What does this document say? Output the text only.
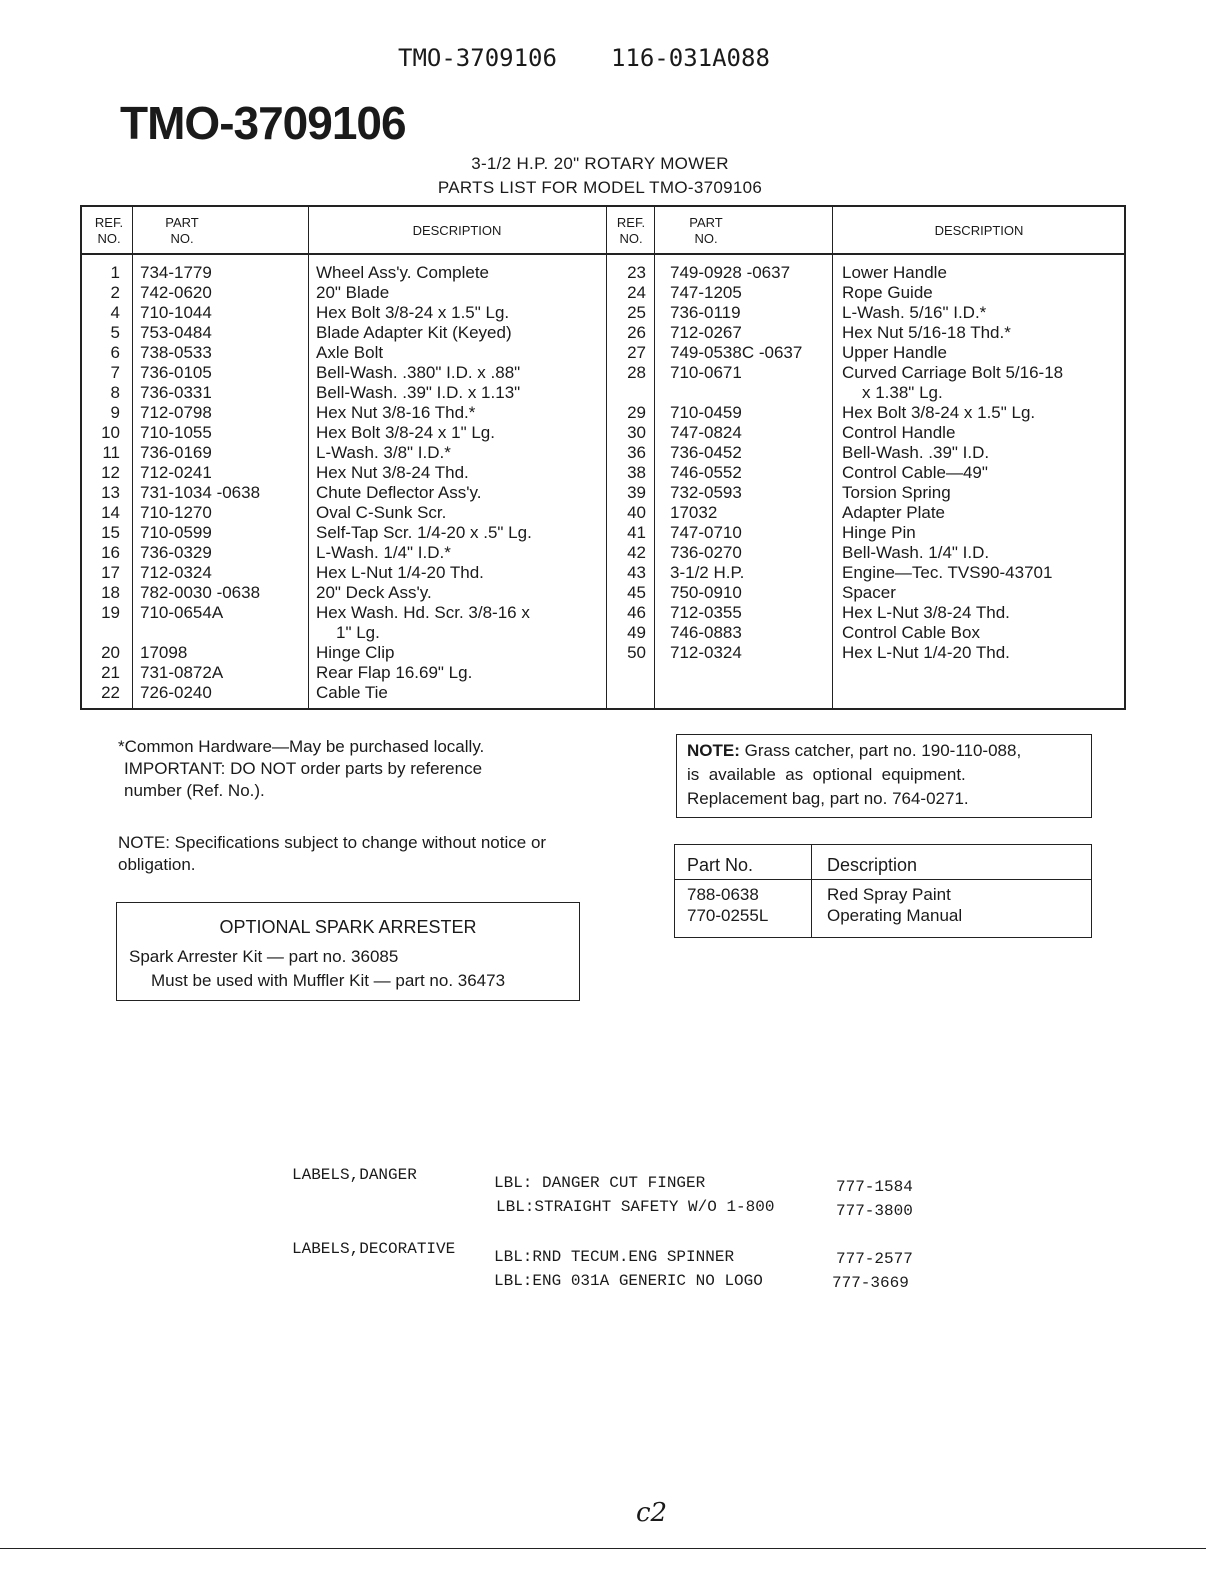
TMO-3709106 116-031A088
TMO-3709106
3-1/2 H.P. 20" ROTARY MOWER
PARTS LIST FOR MODEL TMO-3709106
REF.
NO.
PART
NO.
DESCRIPTION
REF.
NO.
PART
NO.
DESCRIPTION
1 734-1779	Wheel Ass'y. Complete
2 742-0620	20" Blade
4 710-1044	Hex Bolt 3/8-24 x 1.5" Lg.
5 753-0484	Blade Adapter Kit (Keyed)
6 738-0533	Axle Bolt
7 736-0105	Bell-Wash. .380" I.D. x .88"
8 736-0331	Bell-Wash. .39" I.D. x 1.13"
9 712-0798	Hex Nut 3/8-16 Thd.*
10 710-1055	Hex Bolt 3/8-24 x 1" Lg.
11 736-0169	L-Wash. 3/8" I.D.*
12 712-0241	Hex Nut 3/8-24 Thd.
13 731-1034 -0638	Chute Deflector Ass'y.
14 710-1270	Oval C-Sunk Scr.
15 710-0599	Self-Tap Scr. 1/4-20 x .5" Lg.
16 736-0329	L-Wash. 1/4" I.D.*
17 712-0324	Hex L-Nut 1/4-20 Thd.
18 782-0030 -0638	20" Deck Ass'y.
19 710-0654A	Hex Wash. Hd. Scr. 3/8-16 x
1" Lg.
20 17098	Hinge Clip
21 731-0872A	Rear Flap 16.69" Lg.
22 726-0240	Cable Tie
23 749-0928 -0637	Lower Handle
24 747-1205	Rope Guide
25 736-0119	L-Wash. 5/16" I.D.*
26 712-0267	Hex Nut 5/16-18 Thd.*
27 749-0538C -0637 Upper Handle
28 710-0671	Curved Carriage Bolt 5/16-18
x 1.38" Lg.
29 710-0459	Hex Bolt 3/8-24 x 1.5" Lg.
30 747-0824	Control Handle
36 736-0452	Bell-Wash. .39" I.D.
38 746-0552	Control Cable—49"
39 732-0593	Torsion Spring
40 17032	Adapter Plate
41 747-0710	Hinge Pin
42 736-0270	Bell-Wash. 1/4" I.D.
43 3-1/2 H.P.	Engine—Tec. TVS90-43701
45 750-0910	Spacer
46 712-0355	Hex L-Nut 3/8-24 Thd.
49 746-0883	Control Cable Box
50 712-0324	Hex L-Nut 1/4-20 Thd.
*Common Hardware—May be purchased locally.
IMPORTANT: DO NOT order parts by reference
number (Ref. No.).
NOTE: Specifications subject to change without notice or obligation.
OPTIONAL SPARK ARRESTER
Spark Arrester Kit — part no. 36085
Must be used with Muffler Kit — part no. 36473
NOTE: Grass catcher, part no. 190-110-088,
is  available  as  optional  equipment.
Replacement bag, part no. 764-0271.
Part No.	Description
788-0638	Red Spray Paint
770-0255L	Operating Manual
LABELS,DANGER	LBL: DANGER CUT FINGER	777-1584
LBL:STRAIGHT SAFETY W/O 1-800	777-3800
LABELS,DECORATIVE LBL:RND TECUM.ENG SPINNER	777-2577
LBL:ENG 031A GENERIC NO LOGO	777-3669
c2
